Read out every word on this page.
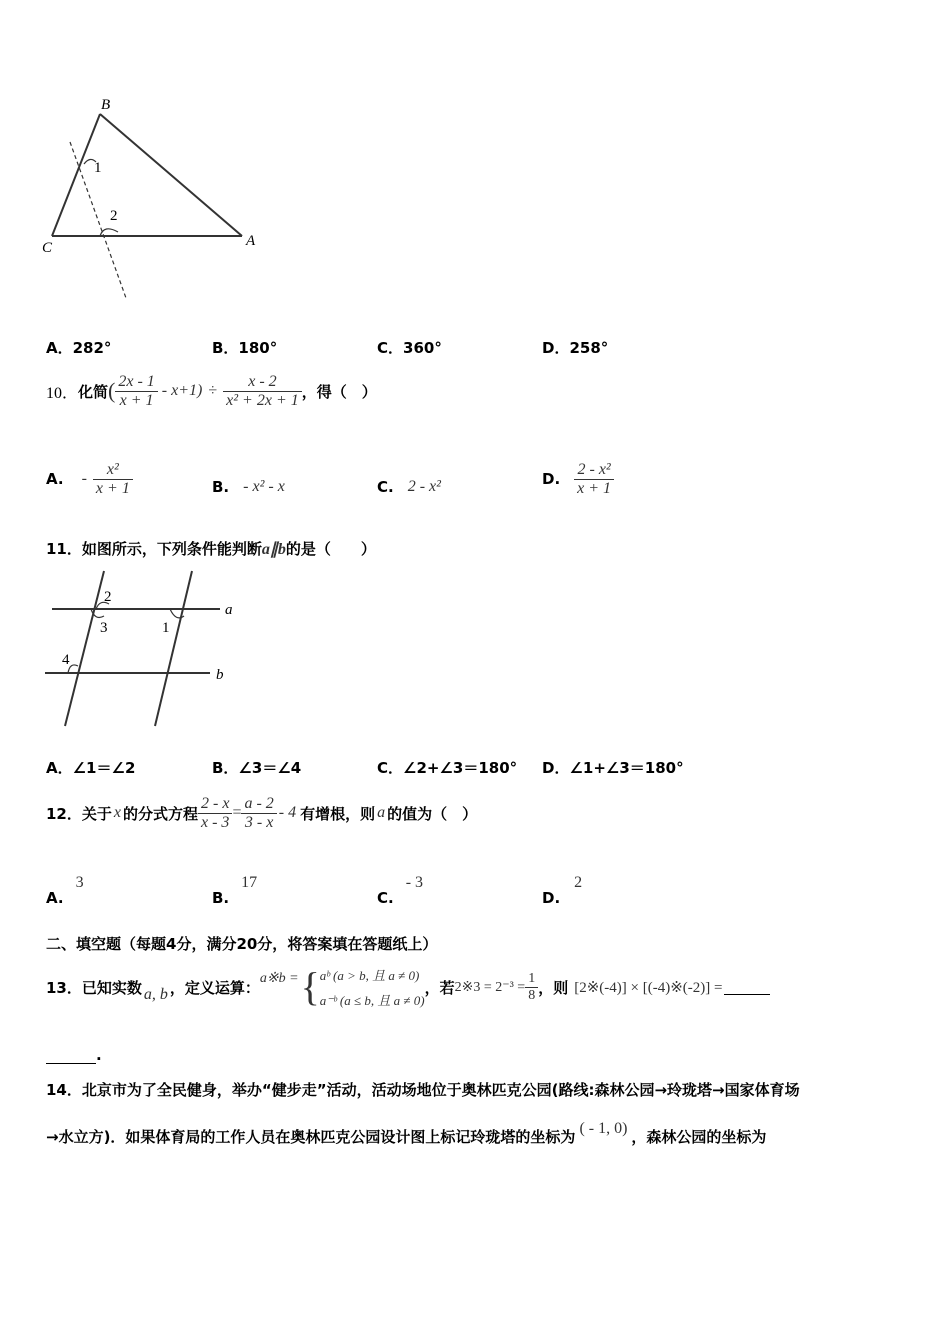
B
C	A
1
2
A．282°	B．180°	C．360°	D．258°
10． 化简 ( $\frac{2x - 1}{x + 1} - x+1) \div \frac{x - 2}{\text{x² + 2x + 1}}$ ，得（　）
A. - $\frac{\text{x²}}{x + 1}$	B. - x² - x	C. 2 - x²	D. $\frac{\text{2 - x²}}{x + 1}$
11．如图所示，下列条件能判断a∥b的是（　　）
a
b
2
3	1
4
A．∠1＝∠2	B．∠3＝∠4	C．∠2+∠3＝180° D．∠1+∠3＝180°
12．关于 x 的分式方程 $\frac{2 - x}{x - 3} = \frac{a - 2}{3 - x} - 4$ 有增根，则 a 的值为（　）
A.3
B.17
C.- 3
D.2
二、填空题（每题4分，满分20分，将答案填在答题纸上）
13．已知实数 a, b ，定义运算：
a※b = { aᵇ (a > b, 且 a ≠ 0)
a⁻ᵇ (a ≤ b, 且 a ≠ 0)
，若 2※3 = $2^{-3} = \frac{1}{8}$ ，则 [2※(-4)] × [(-4)※(-2)] =
.
14．北京市为了全民健身，举办“健步走”活动，活动场地位于奥林匹克公园(路线:森林公园→玲珑塔→国家体育场
→水立方)．如果体育局的工作人员在奥林匹克公园设计图上标记玲珑塔的坐标为 ( - 1, 0) ，森林公园的坐标为
